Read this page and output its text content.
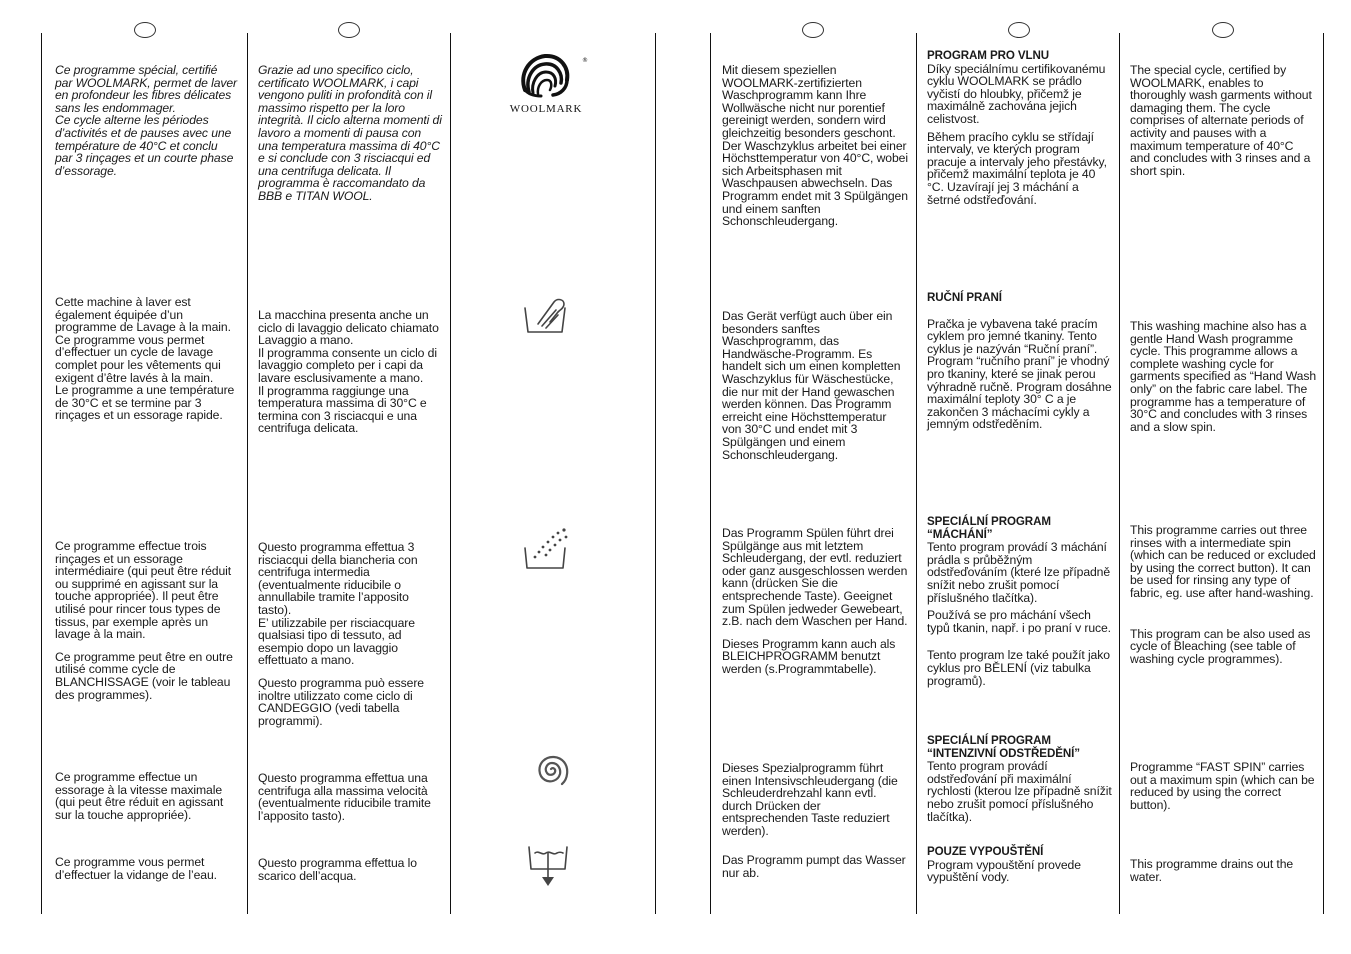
Ce programme spécial, certifié par WOOLMARK, permet de laver en profondeur les fibres délicates sans les endommager.

Ce cycle alterne les périodes d’activités et de pauses avec une température de 40°C et conclu par 3 rinçages et un courte phase d’essorage.

Cette machine à laver est également équipée d’un programme de Lavage à la main.

Ce programme vous permet d’effectuer un cycle de lavage complet pour les vêtements qui exigent d’être lavés à la main.

Le programme a une température de 30°C et se termine par 3 rinçages et un essorage rapide.

Ce programme effectue trois rinçages et un essorage intermédiaire (qui peut être réduit ou supprimé en agissant sur la touche appropriée). Il peut être utilisé pour rincer tous types de tissus, par exemple après un lavage à la main.

Ce programme peut être en outre utilisé comme cycle de BLANCHISSAGE (voir le tableau des programmes).

Ce programme effectue un essorage à la vitesse maximale (qui peut être réduit en agissant sur la touche appropriée).

Ce programme vous permet d’effectuer la vidange de l’eau.

Grazie ad uno specifico ciclo, certificato WOOLMARK, i capi vengono puliti in profondità con il massimo rispetto per la loro integrità. Il ciclo alterna momenti di lavoro a momenti di pausa con una temperatura massima di 40°C e si conclude con 3 risciacqui ed una centrifuga delicata. Il programma è raccomandato da BBB e TITAN WOOL.

La macchina presenta anche un ciclo di lavaggio delicato chiamato Lavaggio a mano.

Il programma consente un ciclo di lavaggio completo per i capi da lavare esclusivamente a mano.

Il programma raggiunge una temperatura massima di 30°C e termina con 3 risciacqui e una centrifuga delicata.

Questo programma effettua 3 risciacqui della biancheria con centrifuga intermedia (eventualmente riducibile o annullabile tramite l’apposito tasto).

E’ utilizzabile per risciacquare qualsiasi tipo di tessuto, ad esempio dopo un lavaggio effettuato a mano.

Questo programma può essere inoltre utilizzato come ciclo di CANDEGGIO (vedi tabella programmi).

Questo programma effettua una centrifuga alla massima velocità (eventualmente riducibile tramite l’apposito tasto).

Questo programma effettua lo scarico dell’acqua.

®
WOOLMARK

Mit diesem speziellen WOOLMARK-zertifizierten Waschprogramm kann Ihre Wollwäsche nicht nur porentief gereinigt werden, sondern wird gleichzeitig besonders geschont.

Der Waschzyklus arbeitet bei einer Höchsttemperatur von 40°C, wobei sich Arbeitsphasen mit Waschpausen abwechseln. Das Programm endet mit 3 Spülgängen und einem sanften Schonschleudergang.

Das Gerät verfügt auch über ein besonders sanftes Waschprogramm, das Handwäsche-Programm. Es handelt sich um einen kompletten Waschzyklus für Wäschestücke, die nur mit der Hand gewaschen werden können. Das Programm erreicht eine Höchsttemperatur von 30°C und endet mit 3 Spülgängen und einem Schonschleudergang.

Das Programm Spülen führt drei Spülgänge aus mit letztem Schleudergang, der evtl. reduziert oder ganz ausgeschlossen werden kann (drücken Sie die entsprechende Taste). Geeignet zum Spülen jedweder Gewebeart, z.B. nach dem Waschen per Hand.

Dieses Programm kann auch als BLEICHPROGRAMM benutzt werden (s.Programmtabelle).

Dieses Spezialprogramm führt einen Intensivschleudergang (die Schleuderdrehzahl kann evtl. durch Drücken der entsprechenden Taste reduziert werden).

Das Programm pumpt das Wasser nur ab.

PROGRAM PRO VLNU

Díky speciálnímu certifikovanému cyklu WOOLMARK se prádlo vyčistí do hloubky, přičemž je maximálně zachována jejich celistvost.

Během pracího cyklu se střídají intervaly, ve kterých program pracuje a intervaly jeho přestávky, přičemž maximální teplota je 40 °C. Uzavírají jej 3 máchání a šetrné odstřeďování.

RUČNÍ PRANÍ

Pračka je vybavena také pracím cyklem pro jemné tkaniny. Tento cyklus je nazýván “Ruční praní”. Program “ručního praní” je vhodný pro tkaniny, které se jinak perou výhradně ručně. Program dosáhne maximální teploty 30° C a je zakončen 3 máchacími cykly a jemným odstředěním.

SPECIÁLNÍ PROGRAM “MÁCHÁNÍ”

Tento program provádí 3 máchání prádla s průběžným odstřeďováním (které lze případně snížit nebo zrušit pomocí příslušného tlačítka).

Používá se pro máchání všech typů tkanin, např. i po praní v ruce.

Tento program lze také použít jako cyklus pro BĚLENÍ (viz tabulka programů).

SPECIÁLNÍ PROGRAM “INTENZIVNÍ ODSTŘEDĚNÍ”

Tento program provádí odstřeďování při maximální rychlosti (kterou lze případně snížit nebo zrušit pomocí příslušného tlačítka).

POUZE VYPOUŠTĚNÍ

Program vypouštění provede vypuštění vody.

The special cycle, certified by WOOLMARK, enables to thoroughly wash garments without damaging them. The cycle comprises of alternate periods of activity and pauses with a maximum temperature of 40°C and concludes with 3 rinses and a short spin.

This washing machine also has a gentle Hand Wash programme cycle. This programme allows a complete washing cycle for garments specified as “Hand Wash only” on the fabric care label. The programme has a temperature of 30°C and concludes with 3 rinses and a slow spin.

This programme carries out three rinses with a intermediate spin (which can be reduced or excluded by using the correct button). It can be used for rinsing any type of fabric, eg. use after hand-washing.

This program can be also used as cycle of Bleaching (see table of washing cycle programmes).

Programme “FAST SPIN” carries out a maximum spin (which can be reduced by using the correct button).

This programme drains out the water.
